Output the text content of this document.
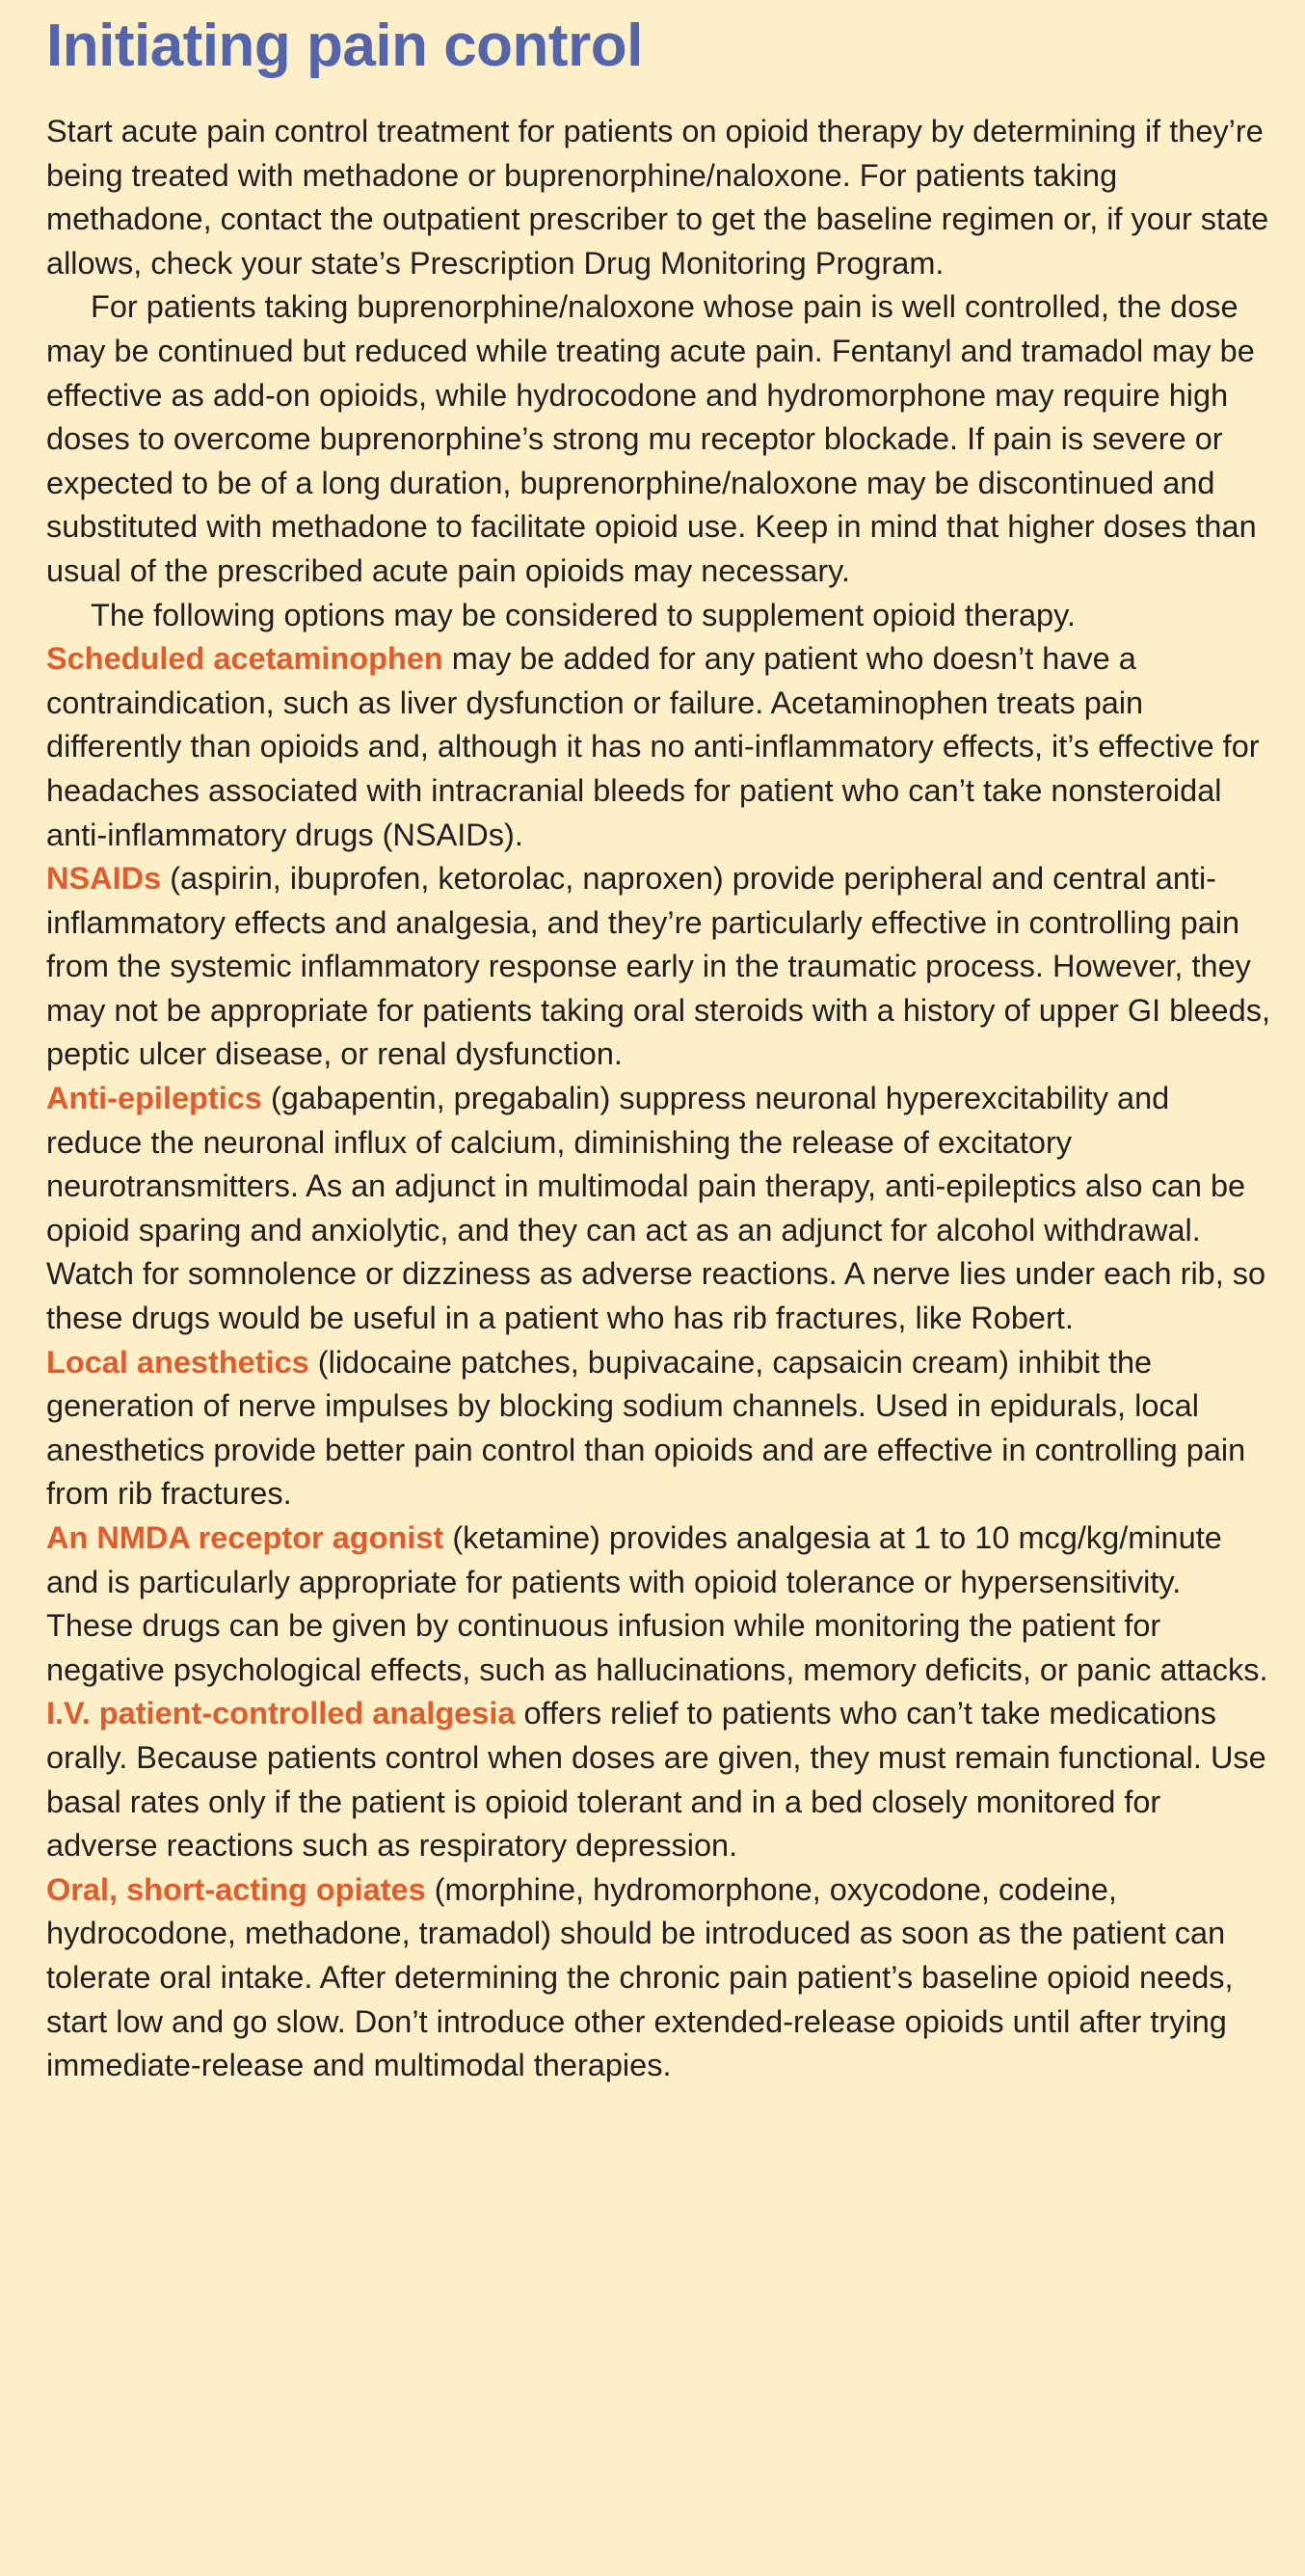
Initiating pain control

Start acute pain control treatment for patients on opioid therapy by determining if they’re being treated with methadone or buprenorphine/naloxone. For patients taking methadone, contact the outpatient prescriber to get the baseline regimen or, if your state allows, check your state’s Prescription Drug Monitoring Program.

For patients taking buprenorphine/naloxone whose pain is well controlled, the dose may be continued but reduced while treating acute pain. Fentanyl and tramadol may be effective as add-on opioids, while hydrocodone and hydromorphone may require high doses to overcome buprenorphine’s strong mu receptor blockade. If pain is severe or expected to be of a long duration, buprenorphine/naloxone may be discontinued and substituted with methadone to facilitate opioid use. Keep in mind that higher doses than usual of the prescribed acute pain opioids may necessary.

The following options may be considered to supplement opioid therapy.

Scheduled acetaminophen may be added for any patient who doesn’t have a contraindication, such as liver dysfunction or failure. Acetaminophen treats pain differently than opioids and, although it has no anti-inflammatory effects, it’s effective for headaches associated with intracranial bleeds for patient who can’t take nonsteroidal anti-inflammatory drugs (NSAIDs).

NSAIDs (aspirin, ibuprofen, ketorolac, naproxen) provide peripheral and central anti-inflammatory effects and analgesia, and they’re particularly effective in controlling pain from the systemic inflammatory response early in the traumatic process. However, they may not be appropriate for patients taking oral steroids with a history of upper GI bleeds, peptic ulcer disease, or renal dysfunction.

Anti-epileptics (gabapentin, pregabalin) suppress neuronal hyperexcitability and reduce the neuronal influx of calcium, diminishing the release of excitatory neurotransmitters. As an adjunct in multimodal pain therapy, anti-epileptics also can be opioid sparing and anxiolytic, and they can act as an adjunct for alcohol withdrawal. Watch for somnolence or dizziness as adverse reactions. A nerve lies under each rib, so these drugs would be useful in a patient who has rib fractures, like Robert.

Local anesthetics (lidocaine patches, bupivacaine, capsaicin cream) inhibit the generation of nerve impulses by blocking sodium channels. Used in epidurals, local anesthetics provide better pain control than opioids and are effective in controlling pain from rib fractures.

An NMDA receptor agonist (ketamine) provides analgesia at 1 to 10 mcg/kg/minute and is particularly appropriate for patients with opioid tolerance or hypersensitivity. These drugs can be given by continuous infusion while monitoring the patient for negative psychological effects, such as hallucinations, memory deficits, or panic attacks.

I.V. patient-controlled analgesia offers relief to patients who can’t take medications orally. Because patients control when doses are given, they must remain functional. Use basal rates only if the patient is opioid tolerant and in a bed closely monitored for adverse reactions such as respiratory depression.

Oral, short-acting opiates (morphine, hydromorphone, oxycodone, codeine, hydrocodone, methadone, tramadol) should be introduced as soon as the patient can tolerate oral intake. After determining the chronic pain patient’s baseline opioid needs, start low and go slow. Don’t introduce other extended-release opioids until after trying immediate-release and multimodal therapies.
